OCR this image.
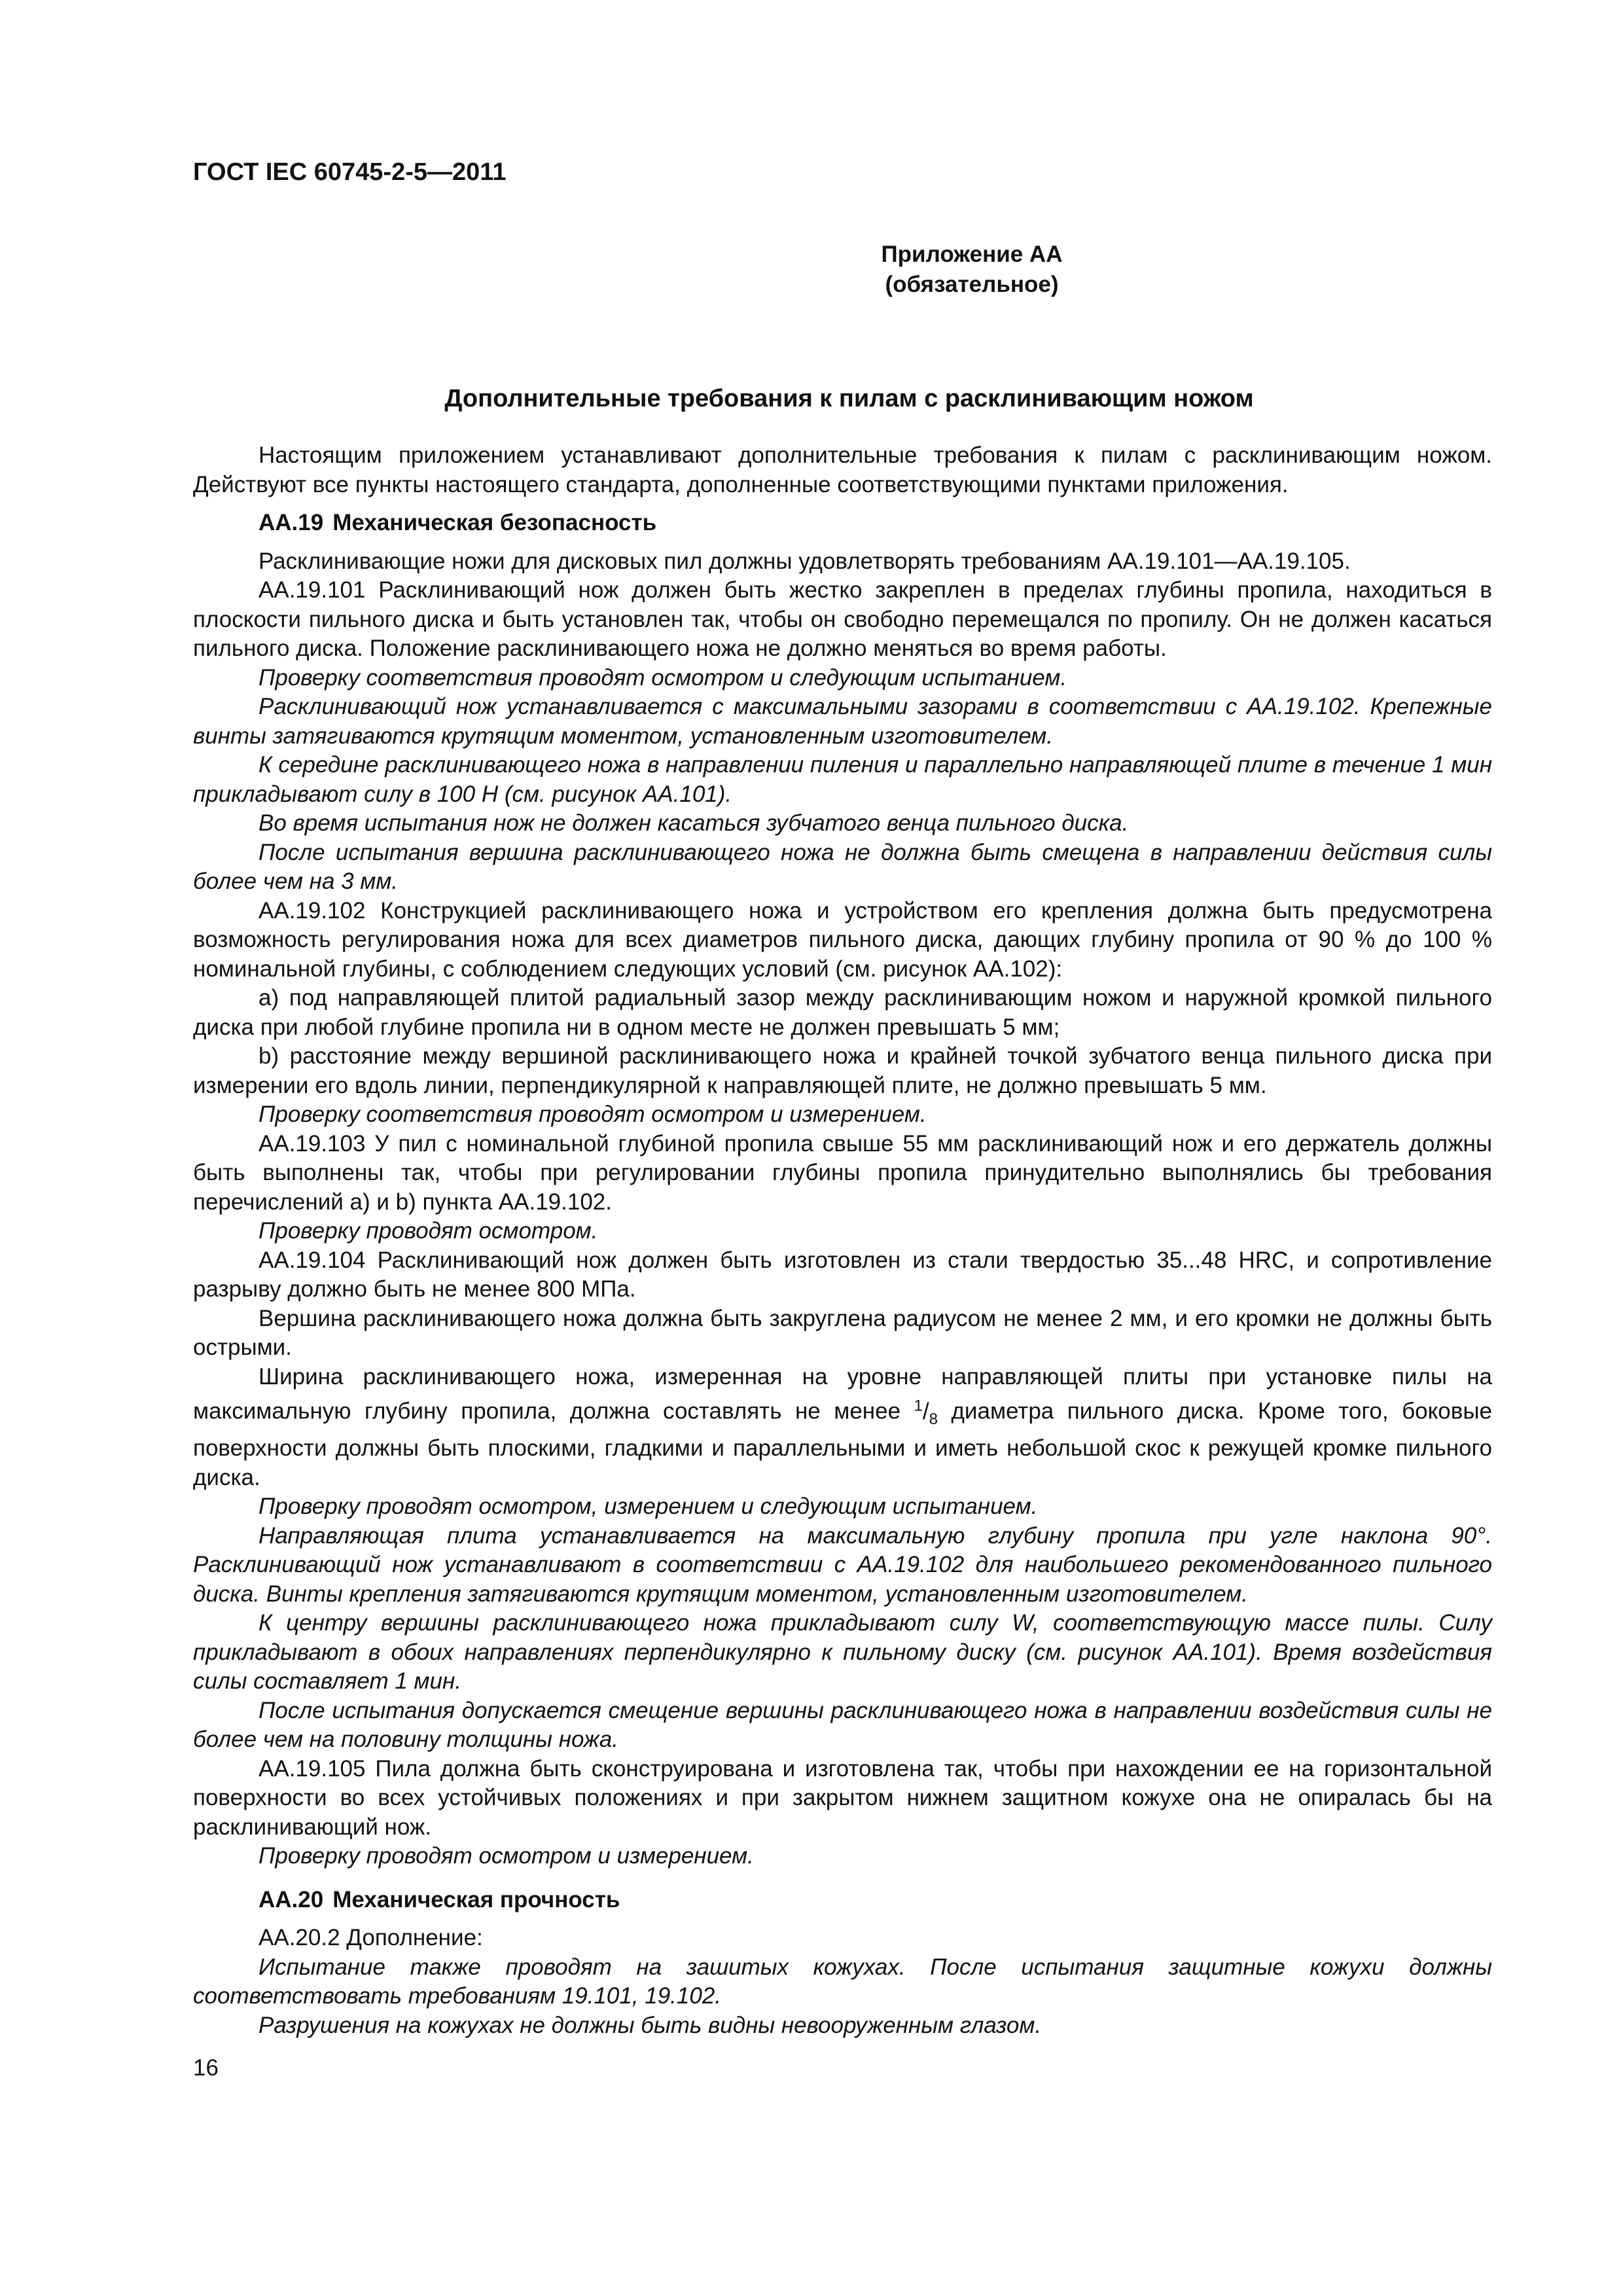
ГОСТ IEC 60745-2-5—2011
Приложение АА
(обязательное)
Дополнительные требования к пилам с расклинивающим ножом

Настоящим приложением устанавливают дополнительные требования к пилам с расклинивающим ножом. Действуют все пункты настоящего стандарта, дополненные соответствующими пунктами приложения.

АА.19 Механическая безопасность

Расклинивающие ножи для дисковых пил должны удовлетворять требованиям АА.19.101—АА.19.105.

АА.19.101 Расклинивающий нож должен быть жестко закреплен в пределах глубины пропила, находиться в плоскости пильного диска и быть установлен так, чтобы он свободно перемещался по пропилу. Он не должен касаться пильного диска. Положение расклинивающего ножа не должно меняться во время работы.

Проверку соответствия проводят осмотром и следующим испытанием.

Расклинивающий нож устанавливается с максимальными зазорами в соответствии с АА.19.102. Крепежные винты затягиваются крутящим моментом, установленным изготовителем.

К середине расклинивающего ножа в направлении пиления и параллельно направляющей плите в течение 1 мин прикладывают силу в 100 Н (см. рисунок АА.101).

Во время испытания нож не должен касаться зубчатого венца пильного диска.

После испытания вершина расклинивающего ножа не должна быть смещена в направлении действия силы более чем на 3 мм.

АА.19.102 Конструкцией расклинивающего ножа и устройством его крепления должна быть предусмотрена возможность регулирования ножа для всех диаметров пильного диска, дающих глубину пропила от 90 % до 100 % номинальной глубины, с соблюдением следующих условий (см. рисунок АА.102):

a) под направляющей плитой радиальный зазор между расклинивающим ножом и наружной кромкой пильного диска при любой глубине пропила ни в одном месте не должен превышать 5 мм;

b) расстояние между вершиной расклинивающего ножа и крайней точкой зубчатого венца пильного диска при измерении его вдоль линии, перпендикулярной к направляющей плите, не должно превышать 5 мм.

Проверку соответствия проводят осмотром и измерением.

АА.19.103 У пил с номинальной глубиной пропила свыше 55 мм расклинивающий нож и его держатель должны быть выполнены так, чтобы при регулировании глубины пропила принудительно выполнялись бы требования перечислений а) и b) пункта АА.19.102.

Проверку проводят осмотром.

АА.19.104 Расклинивающий нож должен быть изготовлен из стали твердостью 35...48 HRC, и сопротивление разрыву должно быть не менее 800 МПа.

Вершина расклинивающего ножа должна быть закруглена радиусом не менее 2 мм, и его кромки не должны быть острыми.

Ширина расклинивающего ножа, измеренная на уровне направляющей плиты при установке пилы на максимальную глубину пропила, должна составлять не менее $^1/_8$ диаметра пильного диска. Кроме того, боковые поверхности должны быть плоскими, гладкими и параллельными и иметь небольшой скос к режущей кромке пильного диска.

Проверку проводят осмотром, измерением и следующим испытанием.

Направляющая плита устанавливается на максимальную глубину пропила при угле наклона 90°. Расклинивающий нож устанавливают в соответствии с АА.19.102 для наибольшего рекомендованного пильного диска. Винты крепления затягиваются крутящим моментом, установленным изготовителем.

К центру вершины расклинивающего ножа прикладывают силу W, соответствующую массе пилы. Силу прикладывают в обоих направлениях перпендикулярно к пильному диску (см. рисунок АА.101). Время воздействия силы составляет 1 мин.

После испытания допускается смещение вершины расклинивающего ножа в направлении воздействия силы не более чем на половину толщины ножа.

АА.19.105 Пила должна быть сконструирована и изготовлена так, чтобы при нахождении ее на горизонтальной поверхности во всех устойчивых положениях и при закрытом нижнем защитном кожухе она не опиралась бы на расклинивающий нож.

Проверку проводят осмотром и измерением.

АА.20 Механическая прочность

АА.20.2 Дополнение:

Испытание также проводят на зашитых кожухах. После испытания защитные кожухи должны соответствовать требованиям 19.101, 19.102.

Разрушения на кожухах не должны быть видны невооруженным глазом.

16
